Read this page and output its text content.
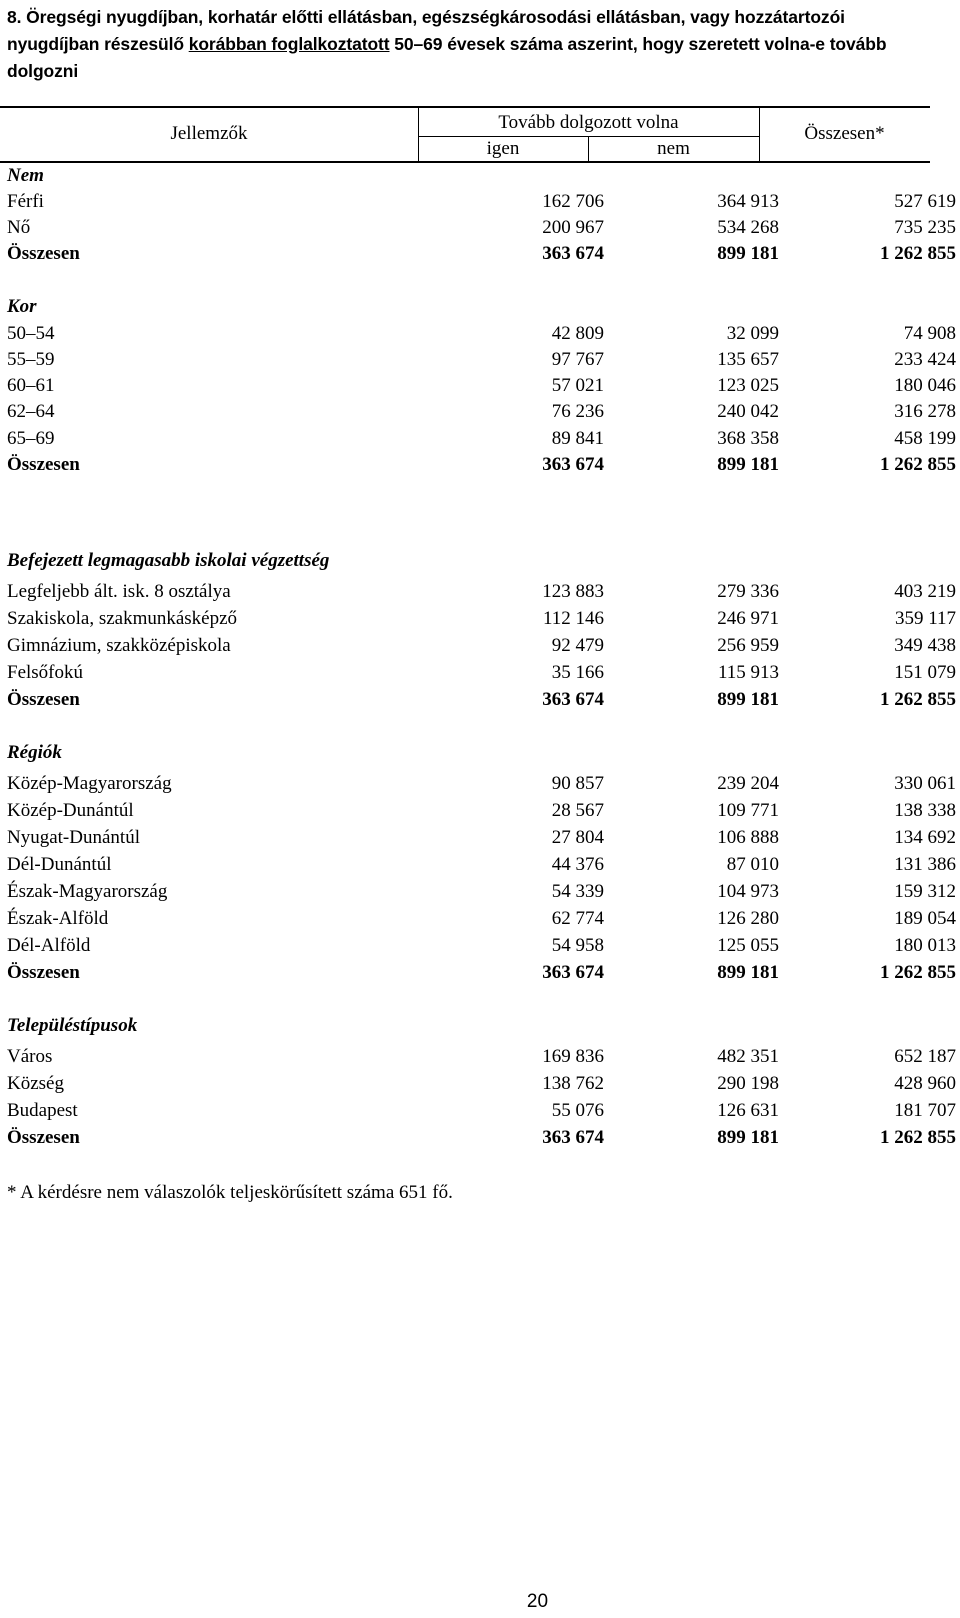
8. Öregségi nyugdíjban, korhatár előtti ellátásban, egészségkárosodási ellátásban, vagy hozzátartozói nyugdíjban részesülő korábban foglalkoztatott 50–69 évesek száma aszerint, hogy szeretett volna-e tovább dolgozni
Jellemzők
Tovább dolgozott volna
igen	nem
Összesen*
Nem
Férfi	162 706	364 913	527 619
Nő	200 967	534 268	735 235
Összesen	363 674	899 181	1 262 855
Kor
50–54	42 809	32 099	74 908
55–59	97 767	135 657	233 424
60–61	57 021	123 025	180 046
62–64	76 236	240 042	316 278
65–69	89 841	368 358	458 199
Összesen	363 674	899 181	1 262 855
Befejezett legmagasabb iskolai végzettség
Legfeljebb ált. isk. 8 osztálya	123 883	279 336	403 219
Szakiskola, szakmunkásképző	112 146	246 971	359 117
Gimnázium, szakközépiskola	92 479	256 959	349 438
Felsőfokú	35 166	115 913	151 079
Összesen	363 674	899 181	1 262 855
Régiók
Közép-Magyarország	90 857	239 204	330 061
Közép-Dunántúl	28 567	109 771	138 338
Nyugat-Dunántúl	27 804	106 888	134 692
Dél-Dunántúl	44 376	87 010	131 386
Észak-Magyarország	54 339	104 973	159 312
Észak-Alföld	62 774	126 280	189 054
Dél-Alföld	54 958	125 055	180 013
Összesen	363 674	899 181	1 262 855
Településtípusok
Város	169 836	482 351	652 187
Község	138 762	290 198	428 960
Budapest	55 076	126 631	181 707
Összesen	363 674	899 181	1 262 855
* A kérdésre nem válaszolók teljeskörűsített száma 651 fő.
20
